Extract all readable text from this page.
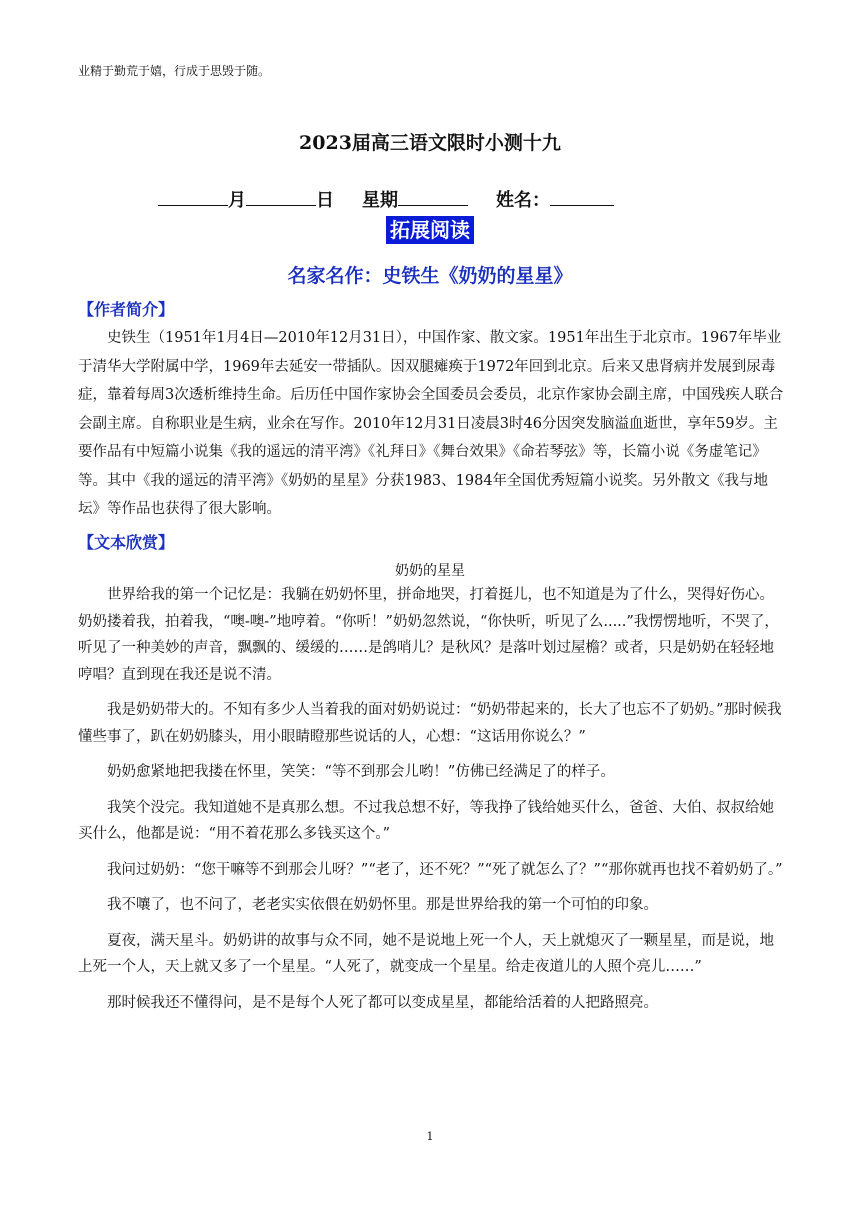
业精于勤荒于嬉，行成于思毁于随。
2023届高三语文限时小测十九
月	日 星期	姓名：
拓展阅读
名家名作：史铁生《奶奶的星星》
【作者简介】

史铁生（1951年1月4日—2010年12月31日），中国作家、散文家。1951年出生于北京市。1967年毕业于清华大学附属中学，1969年去延安一带插队。因双腿瘫痪于1972年回到北京。后来又患肾病并发展到尿毒症，靠着每周3次透析维持生命。后历任中国作家协会全国委员会委员，北京作家协会副主席，中国残疾人联合会副主席。自称职业是生病，业余在写作。2010年12月31日凌晨3时46分因突发脑溢血逝世，享年59岁。主要作品有中短篇小说集《我的遥远的清平湾》《礼拜日》《舞台效果》《命若琴弦》等，长篇小说《务虚笔记》等。其中《我的遥远的清平湾》《奶奶的星星》分获1983、1984年全国优秀短篇小说奖。另外散文《我与地坛》等作品也获得了很大影响。

【文本欣赏】
奶奶的星星

世界给我的第一个记忆是：我躺在奶奶怀里，拼命地哭，打着挺儿，也不知道是为了什么，哭得好伤心。奶奶搂着我，拍着我，“噢-噢-”地哼着。“你听！”奶奶忽然说，“你快听，听见了么.....”我愣愣地听，不哭了，听见了一种美妙的声音，飘飘的、缓缓的……是鸽哨儿？是秋风？是落叶划过屋檐？或者，只是奶奶在轻轻地哼唱？直到现在我还是说不清。

我是奶奶带大的。不知有多少人当着我的面对奶奶说过：“奶奶带起来的，长大了也忘不了奶奶。”那时候我懂些事了，趴在奶奶膝头，用小眼睛瞪那些说话的人，心想：“这话用你说么？”

奶奶愈紧地把我搂在怀里，笑笑：“等不到那会儿哟！”仿佛已经满足了的样子。

我笑个没完。我知道她不是真那么想。不过我总想不好，等我挣了钱给她买什么，爸爸、大伯、叔叔给她买什么，他都是说：“用不着花那么多钱买这个。”

我问过奶奶：“您干嘛等不到那会儿呀？”“老了，还不死？”“死了就怎么了？”“那你就再也找不着奶奶了。”

我不嚷了，也不问了，老老实实依偎在奶奶怀里。那是世界给我的第一个可怕的印象。

夏夜，满天星斗。奶奶讲的故事与众不同，她不是说地上死一个人，天上就熄灭了一颗星星，而是说，地上死一个人，天上就又多了一个星星。“人死了，就变成一个星星。给走夜道儿的人照个亮儿……”

那时候我还不懂得问，是不是每个人死了都可以变成星星，都能给活着的人把路照亮。

1
